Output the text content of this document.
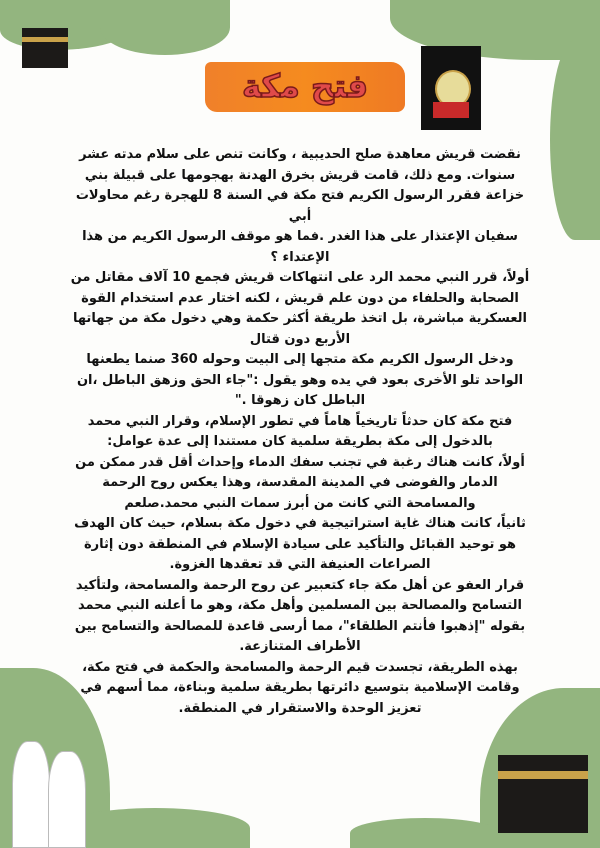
فتح مكة
نقضت قريش معاهدة صلح الحديبية ، وكانت تنص على سلام مدته عشر
سنوات. ومع ذلك، قامت قريش بخرق الهدنة بهجومها على قبيلة بني
خزاعة فقرر الرسول الكريم فتح مكة في السنة 8 للهجرة رغم محاولات أبي
سفيان الإعتذار على هذا الغدر .فما هو موقف الرسول الكريم من هذا
الإعتداء ؟
أولاً، قرر النبي محمد الرد على انتهاكات قريش فجمع 10 آلاف مقاتل من
الصحابة والحلفاء من دون علم قريش ، لكنه اختار عدم استخدام القوة
العسكرية مباشرة، بل اتخذ طريقة أكثر حكمة وهي دخول مكة من جهاتها
الأربع دون قتال
ودخل الرسول الكريم مكة متجها إلى البيت وحوله 360 صنما يطعنها
الواحد تلو الأخرى بعود في يده وهو يقول :"جاء الحق وزهق الباطل ،ان
الباطل كان زهوقا ."
فتح مكة كان حدثاً تاريخياً هاماً في تطور الإسلام، وقرار النبي محمد
بالدخول إلى مكة بطريقة سلمية كان مستندا إلى عدة عوامل:
أولاً، كانت هناك رغبة في تجنب سفك الدماء وإحداث أقل قدر ممكن من
الدمار والفوضى في المدينة المقدسة، وهذا يعكس روح الرحمة
والمسامحة التي كانت من أبرز سمات النبي محمد.صلعم
ثانياً، كانت هناك غاية استراتيجية في دخول مكة بسلام، حيث كان الهدف
هو توحيد القبائل والتأكيد على سيادة الإسلام في المنطقة دون إثارة
الصراعات العنيفة التي قد تعقدها الغزوة.
قرار العفو عن أهل مكة جاء كتعبير عن روح الرحمة والمسامحة، ولتأكيد
التسامح والمصالحة بين المسلمين وأهل مكة، وهو ما أعلنه النبي محمد
بقوله "إذهبوا فأنتم الطلقاء"، مما أرسى قاعدة للمصالحة والتسامح بين
الأطراف المتنازعة.
بهذه الطريقة، تجسدت قيم الرحمة والمسامحة والحكمة في فتح مكة،
وقامت الإسلامية بتوسيع دائرتها بطريقة سلمية وبناءة، مما أسهم في
تعزيز الوحدة والاستقرار في المنطقة.
